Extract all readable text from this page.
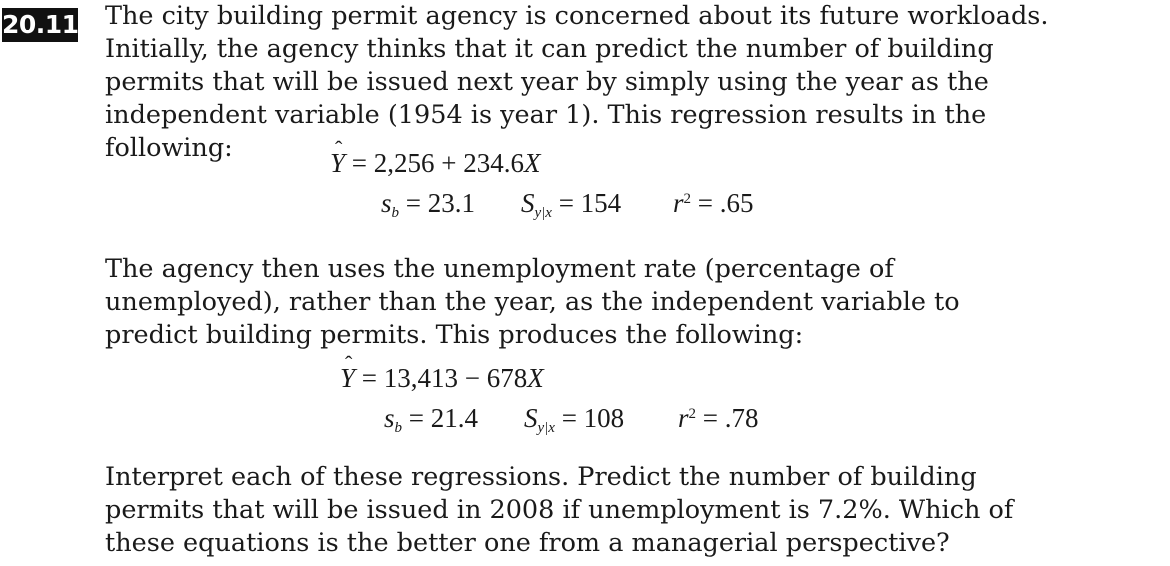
20.11 The city building permit agency is concerned about its future workloads. Initially, the agency thinks that it can predict the number of building permits that will be issued next year by simply using the year as the independent variable (1954 is year 1). This regression results in the following:

ˆ	Y = 2,256 + 234.6X
$s_b = 23.1$ $S_{y|x} = 154$ $r^2 = .65$

The agency then uses the unemployment rate (percentage of unemployed), rather than the year, as the independent variable to predict building permits. This produces the following:

ˆ Y = 13,413 − 678X
$s_b = 21.4$ $S_{y|x} = 108$ $r^2 = .78$

Interpret each of these regressions. Predict the number of building permits that will be issued in 2008 if unemployment is 7.2%. Which of these equations is the better one from a managerial perspective?
